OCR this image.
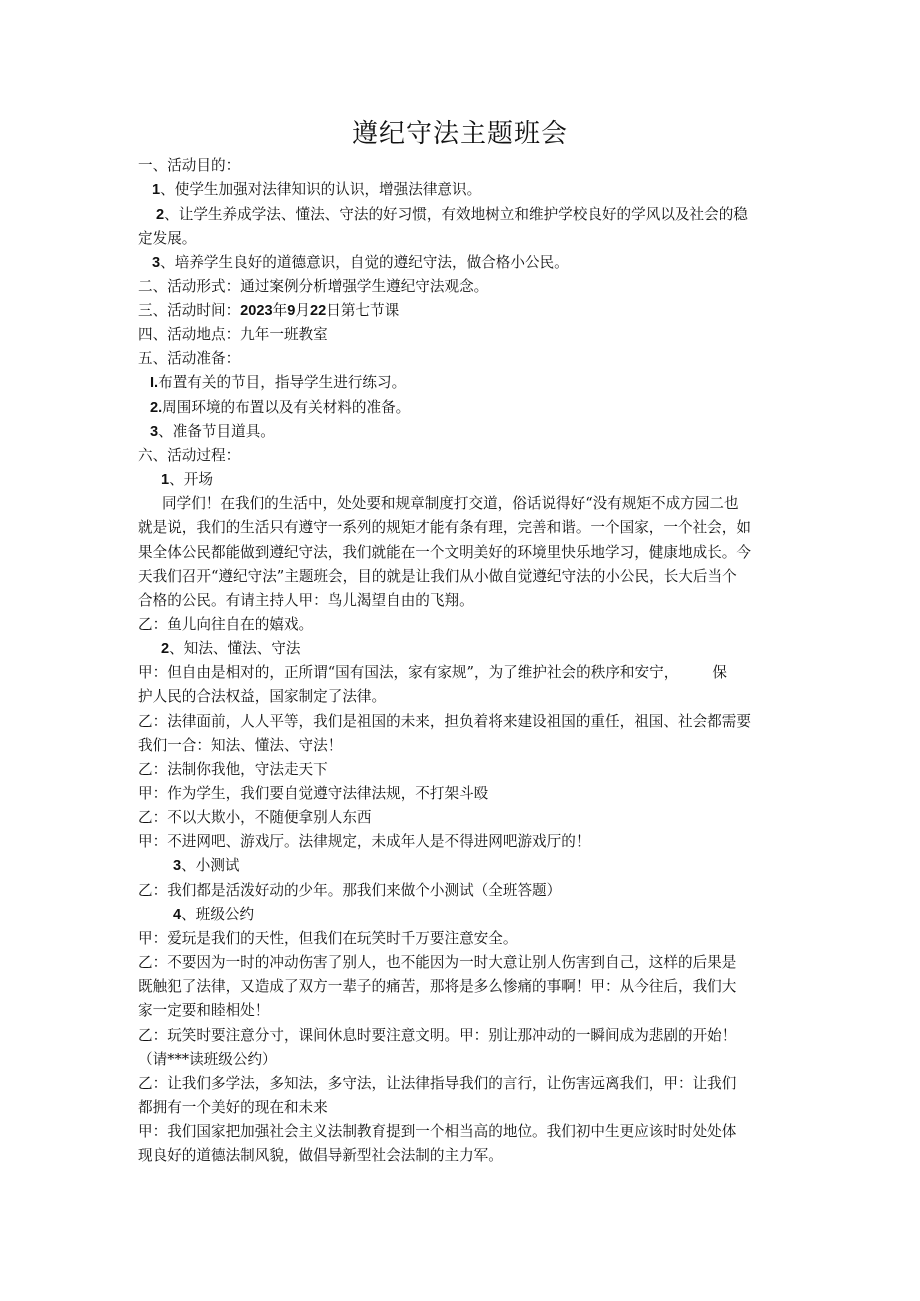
遵纪守法主题班会
一、活动目的：
1、使学生加强对法律知识的认识，增强法律意识。
2、让学生养成学法、懂法、守法的好习惯，有效地树立和维护学校良好的学风以及社会的稳
定发展。
3、培养学生良好的道德意识，自觉的遵纪守法，做合格小公民。
二、活动形式：通过案例分析增强学生遵纪守法观念。
三、活动时间：2023年9月22日第七节课
四、活动地点：九年一班教室
五、活动准备：
I.布置有关的节目，指导学生进行练习。
2.周围环境的布置以及有关材料的准备。
3、准备节目道具。
六、活动过程：
1、开场
同学们！在我们的生活中，处处要和规章制度打交道，俗话说得好“没有规矩不成方园二也
就是说，我们的生活只有遵守一系列的规矩才能有条有理，完善和谐。一个国家，一个社会，如
果全体公民都能做到遵纪守法，我们就能在一个文明美好的环境里快乐地学习，健康地成长。今
天我们召开“遵纪守法”主题班会，目的就是让我们从小做自觉遵纪守法的小公民，长大后当个
合格的公民。有请主持人甲：鸟儿渴望自由的飞翔。
乙：鱼儿向往自在的嬉戏。
2、知法、懂法、守法
甲：但自由是相对的，正所谓“国有国法，家有家规”，为了维护社会的秩序和安宁， 保
护人民的合法权益，国家制定了法律。
乙：法律面前，人人平等，我们是祖国的未来，担负着将来建设祖国的重任，祖国、社会都需要
我们一合：知法、懂法、守法！
乙：法制你我他，守法走天下
甲：作为学生，我们要自觉遵守法律法规，不打架斗殴
乙：不以大欺小，不随便拿别人东西
甲：不进网吧、游戏厅。法律规定，未成年人是不得进网吧游戏厅的！
3、小测试
乙：我们都是活泼好动的少年。那我们来做个小测试（全班答题）
4、班级公约
甲：爱玩是我们的天性，但我们在玩笑时千万要注意安全。
乙：不要因为一时的冲动伤害了别人，也不能因为一时大意让别人伤害到自己，这样的后果是
既触犯了法律，又造成了双方一辈子的痛苦，那将是多么惨痛的事啊！甲：从今往后，我们大
家一定要和睦相处！
乙：玩笑时要注意分寸，课间休息时要注意文明。甲：别让那冲动的一瞬间成为悲剧的开始！
（请***读班级公约）
乙：让我们多学法，多知法，多守法，让法律指导我们的言行，让伤害远离我们，甲：让我们
都拥有一个美好的现在和未来
甲：我们国家把加强社会主义法制教育提到一个相当高的地位。我们初中生更应该时时处处体
现良好的道德法制风貌，做倡导新型社会法制的主力军。
